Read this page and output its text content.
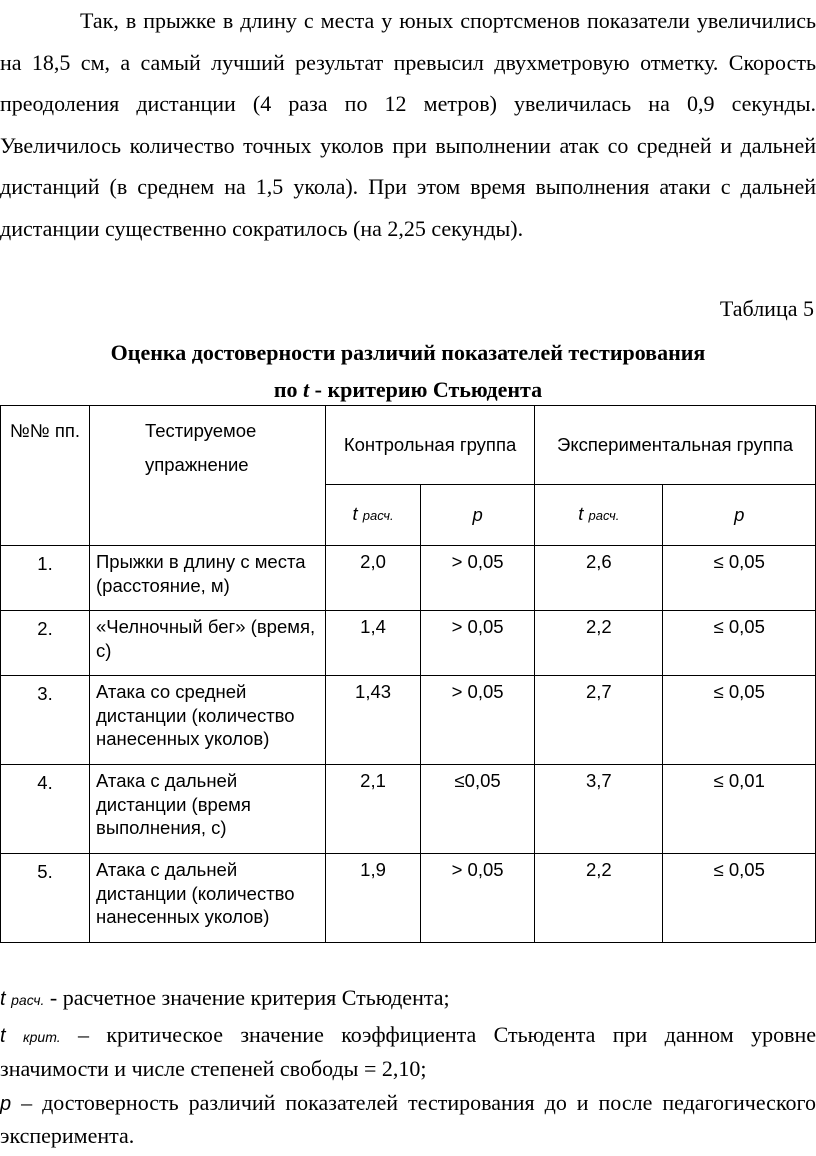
Так, в прыжке в длину с места у юных спортсменов показатели увеличились на 18,5 см, а самый лучший результат превысил двухметровую отметку. Скорость преодоления дистанции (4 раза по 12 метров) увеличилась на 0,9 секунды. Увеличилось количество точных уколов при выполнении атак со средней и дальней дистанций (в среднем на 1,5 укола). При этом время выполнения атаки с дальней дистанции существенно сократилось (на 2,25 секунды).

Таблица 5

Оценка достоверности различий показателей тестирования
по t - критерию Стьюдента
№№ пп.	Тестируемое упражнение	Контрольная группа		Экспериментальная группа	
		t расч.	p	t расч.	p
1.	Прыжки в длину с места (расстояние, м)	2,0	> 0,05	2,6	≤ 0,05
2.	«Челночный бег» (время, с)	1,4	> 0,05	2,2	≤ 0,05
3.	Атака со средней дистанции (количество нанесенных уколов)	1,43	> 0,05	2,7	≤ 0,05
4.	Атака с дальней дистанции (время выполнения, с)	2,1	≤0,05	3,7	≤ 0,01
5.	Атака с дальней дистанции (количество нанесенных уколов)	1,9	> 0,05	2,2	≤ 0,05

t расч. - расчетное значение критерия Стьюдента;

t крит. – критическое значение коэффициента Стьюдента при данном уровне значимости и числе степеней свободы = 2,10;

p – достоверность различий показателей тестирования до и после педагогического эксперимента.
